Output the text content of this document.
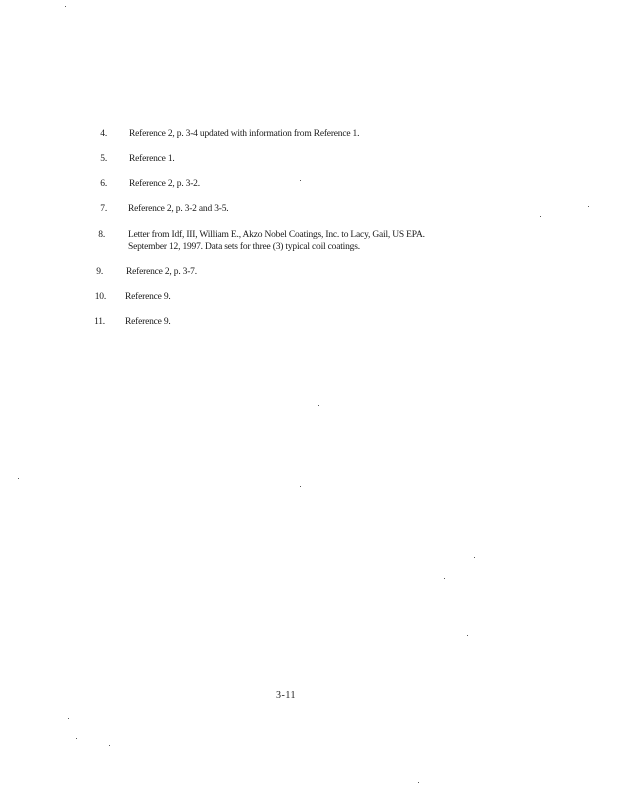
4. Reference 2, p. 3-4 updated with information from Reference 1.
5. Reference 1.
6. Reference 2, p. 3-2.
7. Reference 2, p. 3-2 and 3-5.
8. Letter from Idf, III, William E., Akzo Nobel Coatings, Inc. to Lacy, Gail, US EPA.
September 12, 1997. Data sets for three (3) typical coil coatings.
9. Reference 2, p. 3-7.
10. Reference 9.
11. Reference 9.
3-11
